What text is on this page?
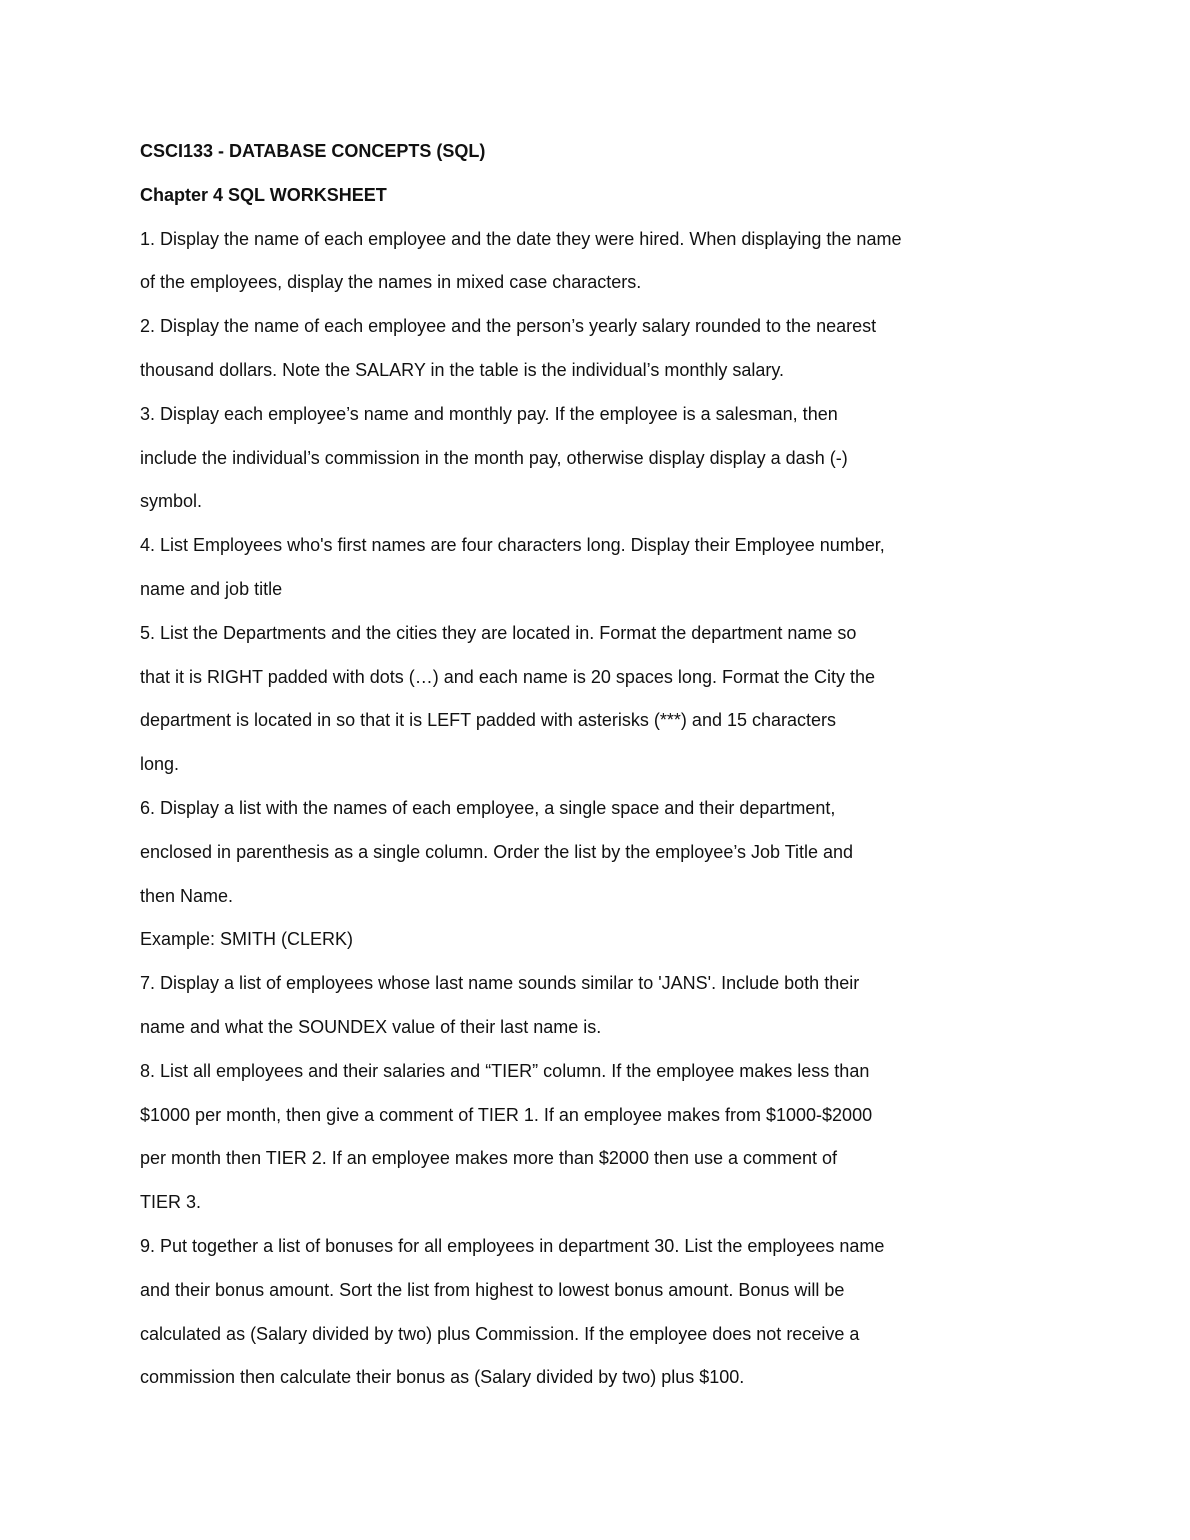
CSCI133 - DATABASE CONCEPTS (SQL)

Chapter 4 SQL WORKSHEET

1. Display the name of each employee and the date they were hired. When displaying the name

of the employees, display the names in mixed case characters.

2. Display the name of each employee and the person’s yearly salary rounded to the nearest

thousand dollars. Note the SALARY in the table is the individual’s monthly salary.

3. Display each employee’s name and monthly pay. If the employee is a salesman, then

include the individual’s commission in the month pay, otherwise display display a dash (-)

symbol.

4. List Employees who's first names are four characters long. Display their Employee number,

name and job title

5. List the Departments and the cities they are located in. Format the department name so

that it is RIGHT padded with dots (…) and each name is 20 spaces long. Format the City the

department is located in so that it is LEFT padded with asterisks (***) and 15 characters

long.

6. Display a list with the names of each employee, a single space and their department,

enclosed in parenthesis as a single column. Order the list by the employee’s Job Title and

then Name.

Example: SMITH (CLERK)

7. Display a list of employees whose last name sounds similar to 'JANS'. Include both their

name and what the SOUNDEX value of their last name is.

8. List all employees and their salaries and “TIER” column. If the employee makes less than

$1000 per month, then give a comment of TIER 1. If an employee makes from $1000-$2000

per month then TIER 2. If an employee makes more than $2000 then use a comment of

TIER 3.

9. Put together a list of bonuses for all employees in department 30. List the employees name

and their bonus amount. Sort the list from highest to lowest bonus amount. Bonus will be

calculated as (Salary divided by two) plus Commission. If the employee does not receive a

commission then calculate their bonus as (Salary divided by two) plus $100.
